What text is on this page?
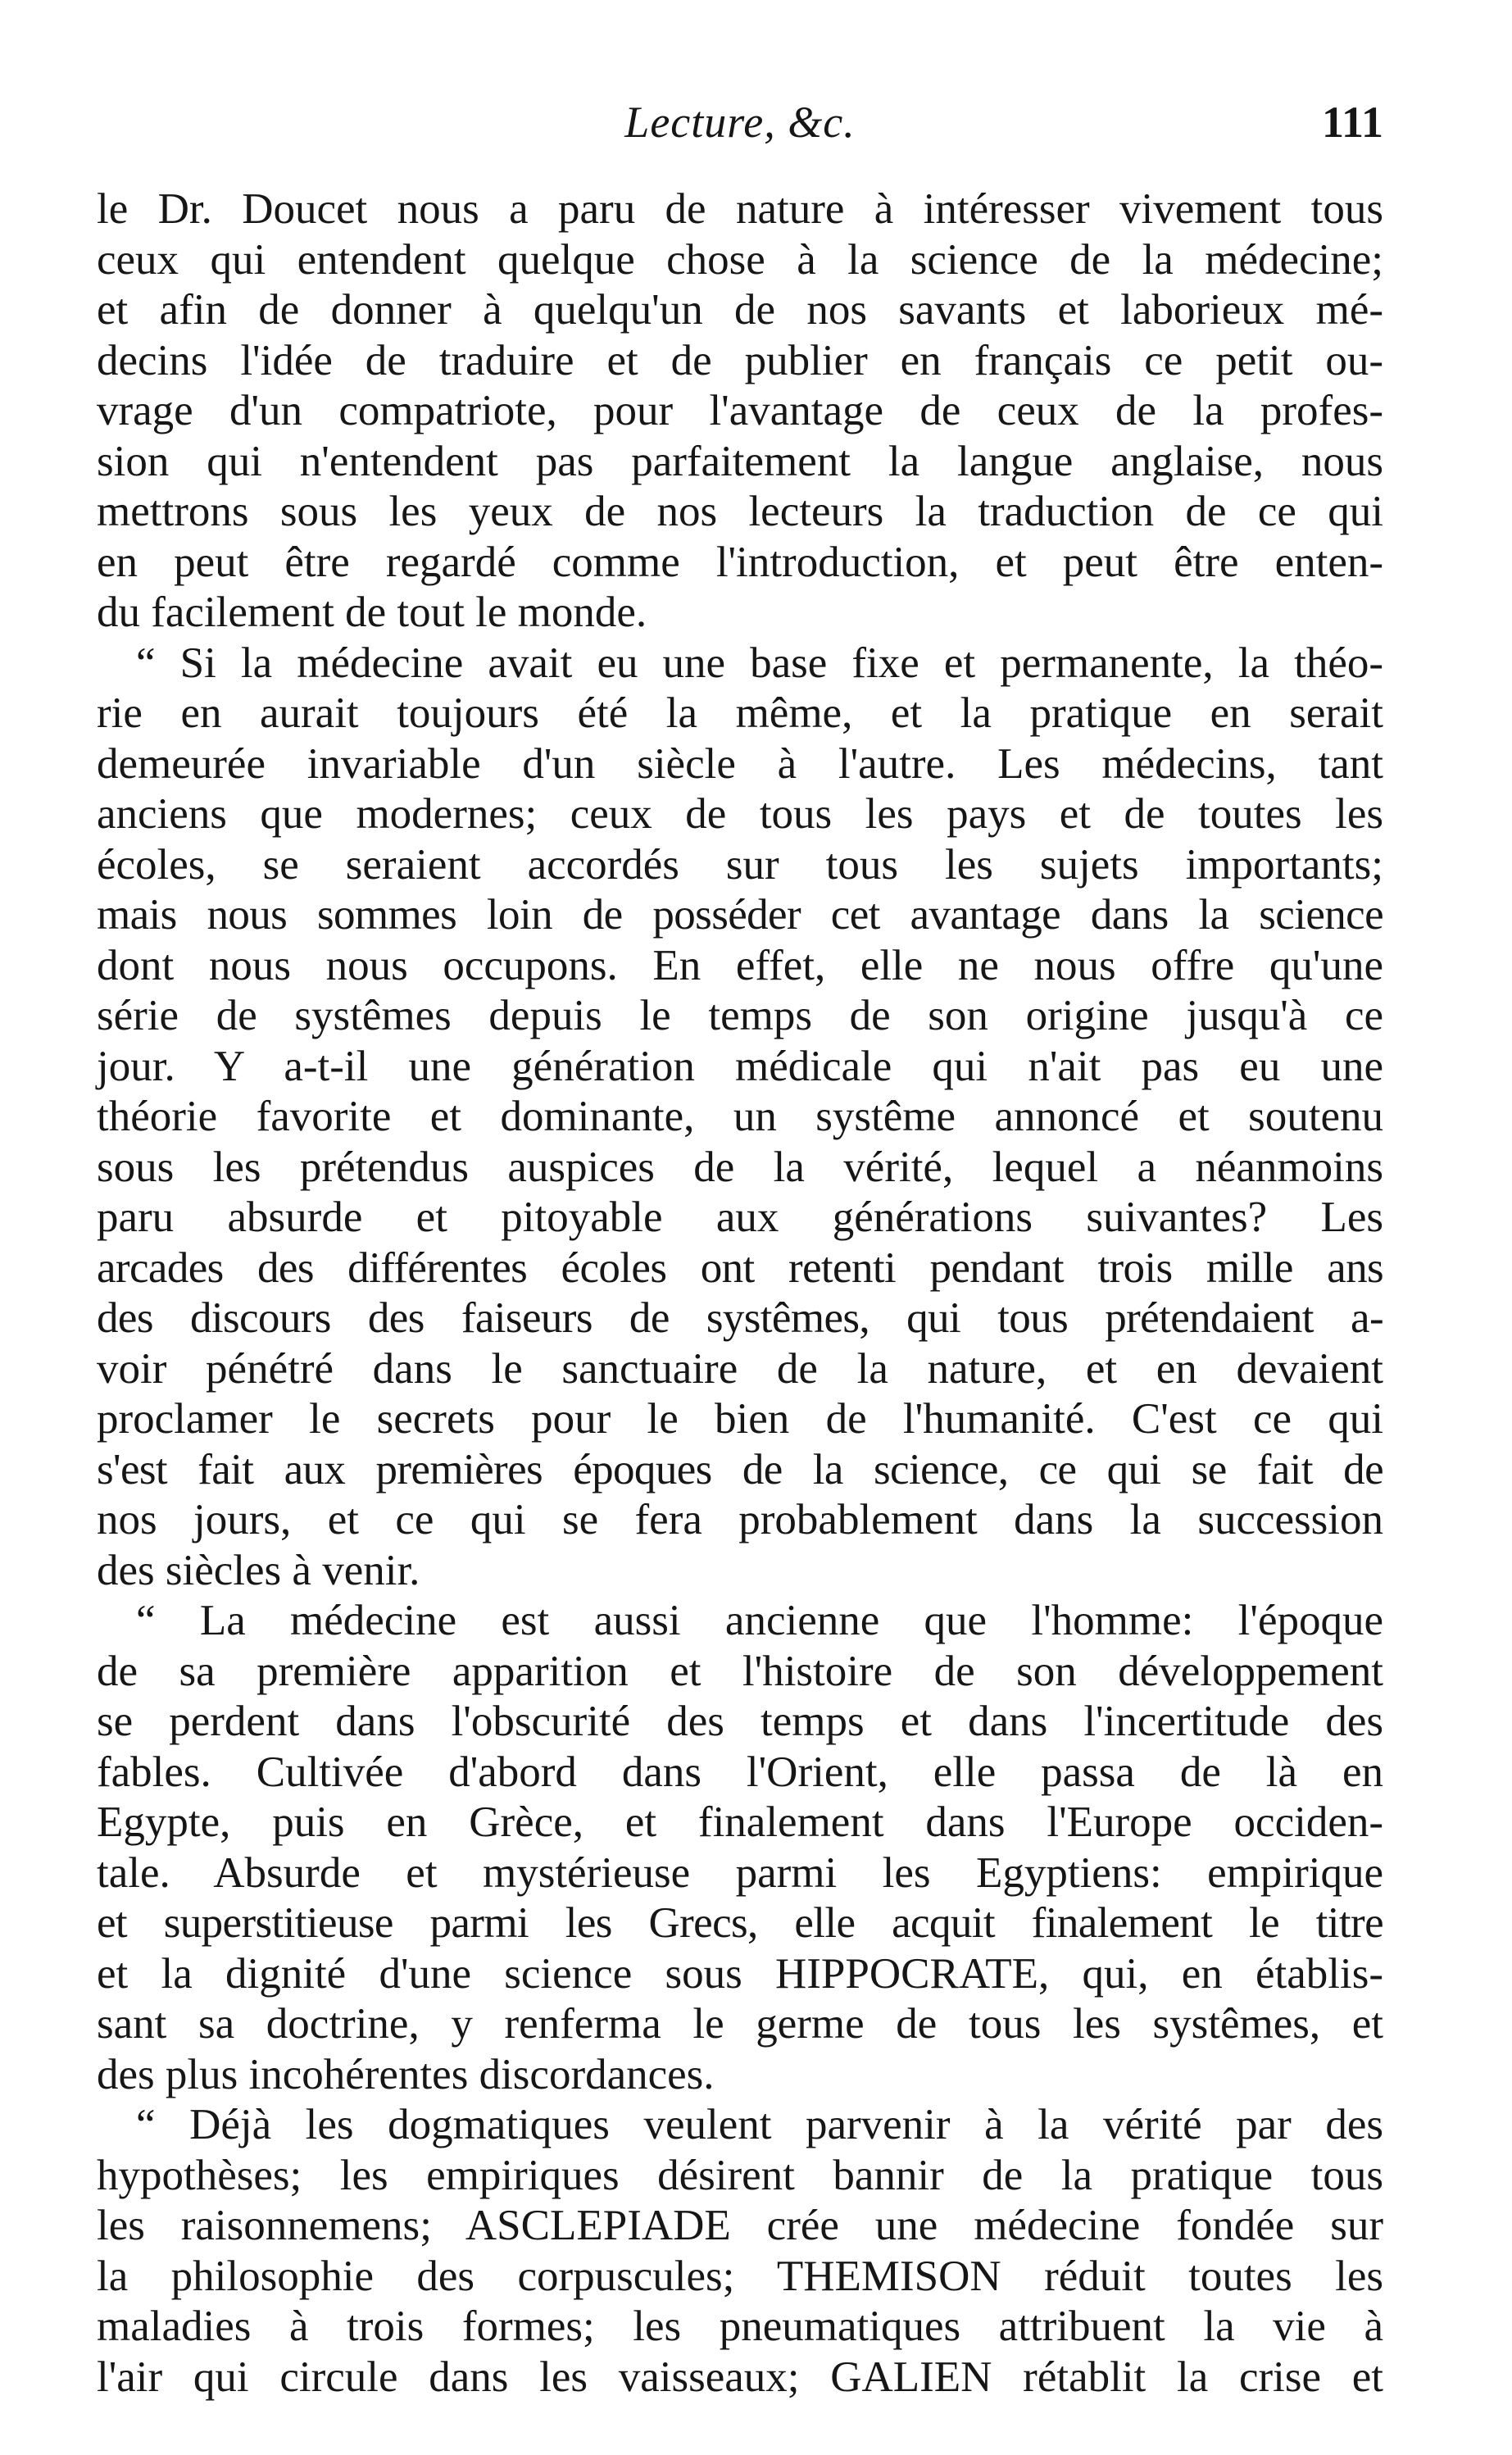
Lecture, &c.	111
le Dr. Doucet nous a paru de nature à intéresser vivement tous
ceux qui entendent quelque chose à la science de la médecine;
et afin de donner à quelqu'un de nos savants et laborieux mé-
decins l'idée de traduire et de publier en français ce petit ou-
vrage d'un compatriote, pour l'avantage de ceux de la profes-
sion qui n'entendent pas parfaitement la langue anglaise, nous
mettrons sous les yeux de nos lecteurs la traduction de ce qui
en peut être regardé comme l'introduction, et peut être enten-
du facilement de tout le monde.
“ Si la médecine avait eu une base fixe et permanente, la théo-
rie en aurait toujours été la même, et la pratique en serait
demeurée invariable d'un siècle à l'autre. Les médecins, tant
anciens que modernes; ceux de tous les pays et de toutes les
écoles, se seraient accordés sur tous les sujets importants;
mais nous sommes loin de posséder cet avantage dans la science
dont nous nous occupons. En effet, elle ne nous offre qu'une
série de systêmes depuis le temps de son origine jusqu'à ce
jour. Y a-t-il une génération médicale qui n'ait pas eu une
théorie favorite et dominante, un systême annoncé et soutenu
sous les prétendus auspices de la vérité, lequel a néanmoins
paru absurde et pitoyable aux générations suivantes? Les
arcades des différentes écoles ont retenti pendant trois mille ans
des discours des faiseurs de systêmes, qui tous prétendaient a-
voir pénétré dans le sanctuaire de la nature, et en devaient
proclamer le secrets pour le bien de l'humanité. C'est ce qui
s'est fait aux premières époques de la science, ce qui se fait de
nos jours, et ce qui se fera probablement dans la succession
des siècles à venir.
“ La médecine est aussi ancienne que l'homme: l'époque
de sa première apparition et l'histoire de son développement
se perdent dans l'obscurité des temps et dans l'incertitude des
fables. Cultivée d'abord dans l'Orient, elle passa de là en
Egypte, puis en Grèce, et finalement dans l'Europe occiden-
tale. Absurde et mystérieuse parmi les Egyptiens: empirique
et superstitieuse parmi les Grecs, elle acquit finalement le titre
et la dignité d'une science sous HIPPOCRATE, qui, en établis-
sant sa doctrine, y renferma le germe de tous les systêmes, et
des plus incohérentes discordances.
“ Déjà les dogmatiques veulent parvenir à la vérité par des
hypothèses; les empiriques désirent bannir de la pratique tous
les raisonnemens; ASCLEPIADE crée une médecine fondée sur
la philosophie des corpuscules; THEMISON réduit toutes les
maladies à trois formes; les pneumatiques attribuent la vie à
l'air qui circule dans les vaisseaux; GALIEN rétablit la crise et
